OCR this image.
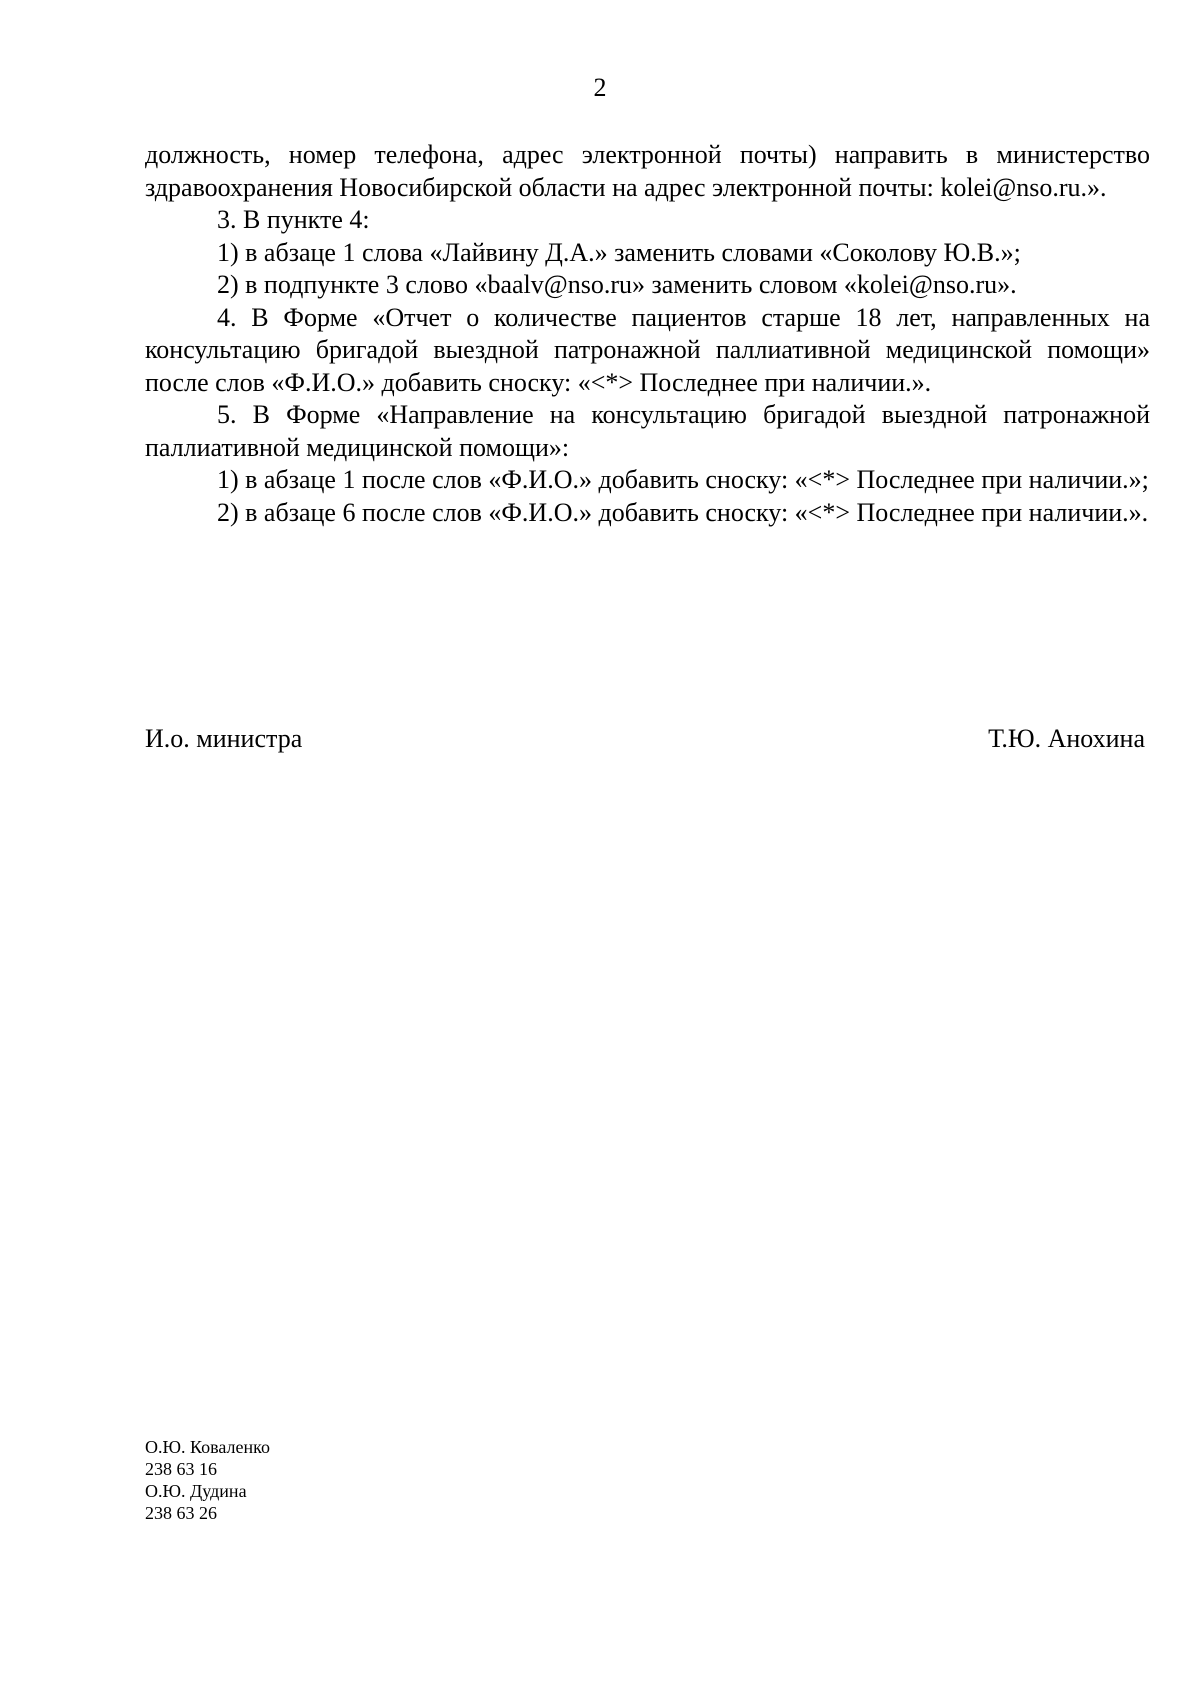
2

должность, номер телефона, адрес электронной почты) направить в министерство здравоохранения Новосибирской области на адрес электронной почты: kolei@nso.ru.».

3. В пункте 4:

1) в абзаце 1 слова «Лайвину Д.А.» заменить словами «Соколову Ю.В.»;

2) в подпункте 3 слово «baalv@nso.ru» заменить словом «kolei@nso.ru».

4. В Форме «Отчет о количестве пациентов старше 18 лет, направленных на консультацию бригадой выездной патронажной паллиативной медицинской помощи» после слов «Ф.И.О.» добавить сноску: «<*> Последнее при наличии.».

5. В Форме «Направление на консультацию бригадой выездной патронажной паллиативной медицинской помощи»:

1) в абзаце 1 после слов «Ф.И.О.» добавить сноску: «<*> Последнее при наличии.»;

2) в абзаце 6 после слов «Ф.И.О.» добавить сноску: «<*> Последнее при наличии.».

И.о. министра	Т.Ю. Анохина
О.Ю. Коваленко
238 63 16
О.Ю. Дудина
238 63 26
